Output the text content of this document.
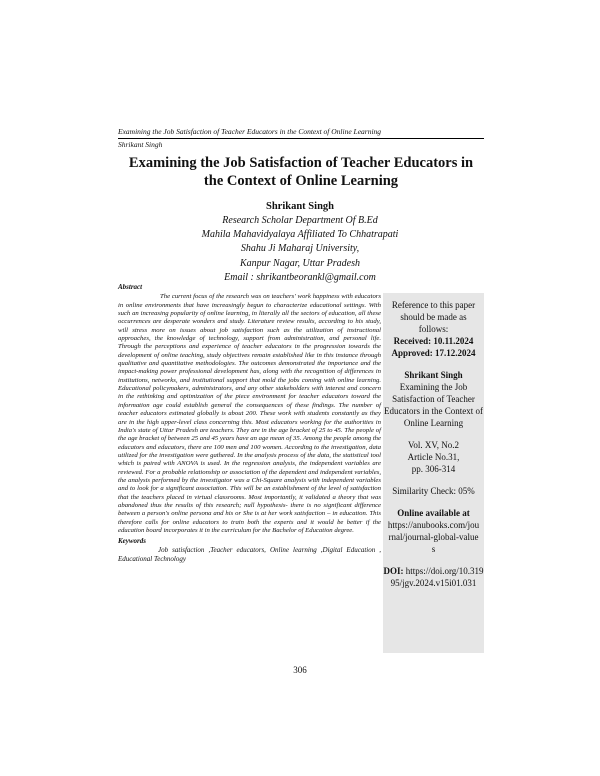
Examining the Job Satisfaction of Teacher Educators in the Context of Online Learning
Shrikant Singh
Examining the Job Satisfaction of Teacher Educators in the Context of Online Learning
Shrikant Singh
Research Scholar Department Of B.Ed
Mahila Mahavidyalaya Affiliated To Chhatrapati
Shahu Ji Maharaj University,
Kanpur Nagar, Uttar Pradesh
Email : shrikantbeorankl@gmail.com
Abstract
The current focus of the research was on teachers' work happiness with educators in online environments that have increasingly begun to characterize educational settings. With such an increasing popularity of online learning, in literally all the sectors of education, all these occurrences are desperate wonders and study. Literature review results, according to his study, will stress more on issues about job satisfaction such as the utilization of instructional approaches, the knowledge of technology, support from administration, and personal life. Through the perceptions and experience of teacher educators in the progression towards the development of online teaching, study objectives remain established like in this instance through qualitative and quantitative methodologies. The outcomes demonstrated the importance and the impact-making power professional development has, along with the recognition of differences in institutions, networks, and institutional support that mold the jobs coming with online learning. Educational policymakers, administrators, and any other stakeholders with interest and concern in the rethinking and optimization of the piece environment for teacher educators toward the information age could establish general the consequences of these findings. The number of teacher educators estimated globally is about 200. These work with students constantly as they are in the high upper-level class concerning this. Most educators working for the authorities in India's state of Uttar Pradesh are teachers. They are in the age bracket of 25 to 45. The people of the age bracket of between 25 and 45 years have an age mean of 35. Among the people among the educators and educators, there are 100 men and 100 women. According to the investigation, data utilized for the investigation were gathered. In the analysis process of the data, the statistical tool which is paired with ANOVA is used. In the regression analysis, the independent variables are reviewed. For a probable relationship or association of the dependent and independent variables, the analysis performed by the investigator was a Chi-Square analysis with independent variables and to look for a significant association. This will be an establishment of the level of satisfaction that the teachers placed in virtual classrooms. Most importantly, it validated a theory that was abandoned thus the results of this research; null hypothesis- there is no significant difference between a person's online persona and his or She is at her work satisfaction – in education. This therefore calls for online educators to train both the experts and it would be better if the education board incorporates it in the curriculum for the Bachelor of Education degree.
Keywords
Job satisfaction ,Teacher educators, Online learning ,Digital Education , Educational Technology

Reference to this paper should be made as follows:

Received: 10.11.2024

Approved: 17.12.2024

Shrikant Singh

Examining the Job Satisfaction of Teacher Educators in the Context of Online Learning

Vol. XV, No.2

Article No.31,

pp. 306-314

Similarity Check: 05%

Online available at

https://anubooks.com/journal/journal-global-values

DOI: https://doi.org/10.31995/jgv.2024.v15i01.031

306
